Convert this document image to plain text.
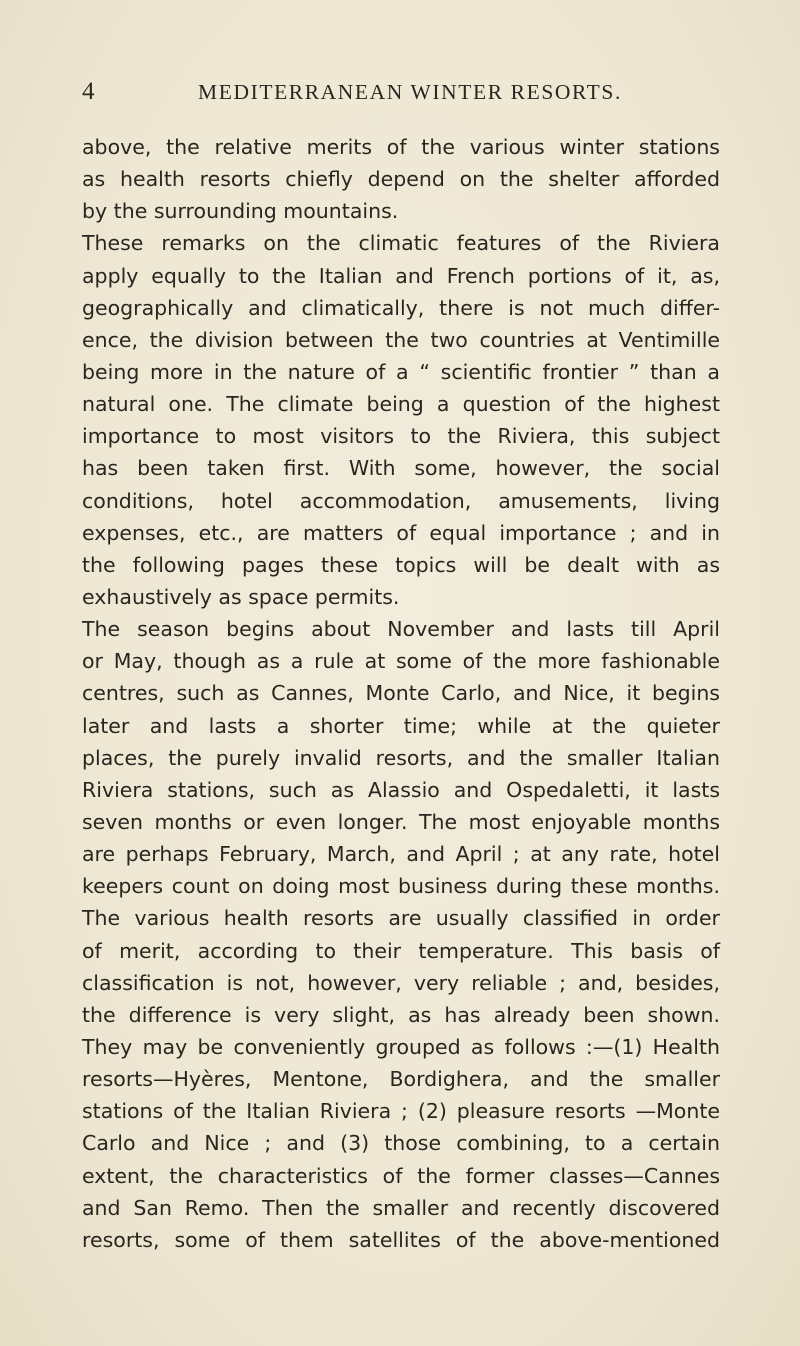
4	MEDITERRANEAN WINTER RESORTS.
above, the relative merits of the various winter stations
as health resorts chiefly depend on the shelter afforded
by the surrounding mountains.
These remarks on the climatic features of the Riviera
apply equally to the Italian and French portions of it, as,
geographically and climatically, there is not much differ-
ence, the division between the two countries at Ventimille
being more in the nature of a “ scientific frontier ” than a
natural one. The climate being a question of the highest
importance to most visitors to the Riviera, this subject
has been taken first. With some, however, the social
conditions, hotel accommodation, amusements, living
expenses, etc., are matters of equal importance ; and in
the following pages these topics will be dealt with as
exhaustively as space permits.
The season begins about November and lasts till April
or May, though as a rule at some of the more fashionable
centres, such as Cannes, Monte Carlo, and Nice, it begins
later and lasts a shorter time; while at the quieter
places, the purely invalid resorts, and the smaller Italian
Riviera stations, such as Alassio and Ospedaletti, it lasts
seven months or even longer. The most enjoyable months
are perhaps February, March, and April ; at any rate, hotel
keepers count on doing most business during these months.
The various health resorts are usually classified in order
of merit, according to their temperature. This basis of
classification is not, however, very reliable ; and, besides,
the difference is very slight, as has already been shown.
They may be conveniently grouped as follows :—(1) Health
resorts—Hyères, Mentone, Bordighera, and the smaller
stations of the Italian Riviera ; (2) pleasure resorts —Monte
Carlo and Nice ; and (3) those combining, to a certain
extent, the characteristics of the former classes—Cannes
and San Remo. Then the smaller and recently discovered
resorts, some of them satellites of the above-mentioned
